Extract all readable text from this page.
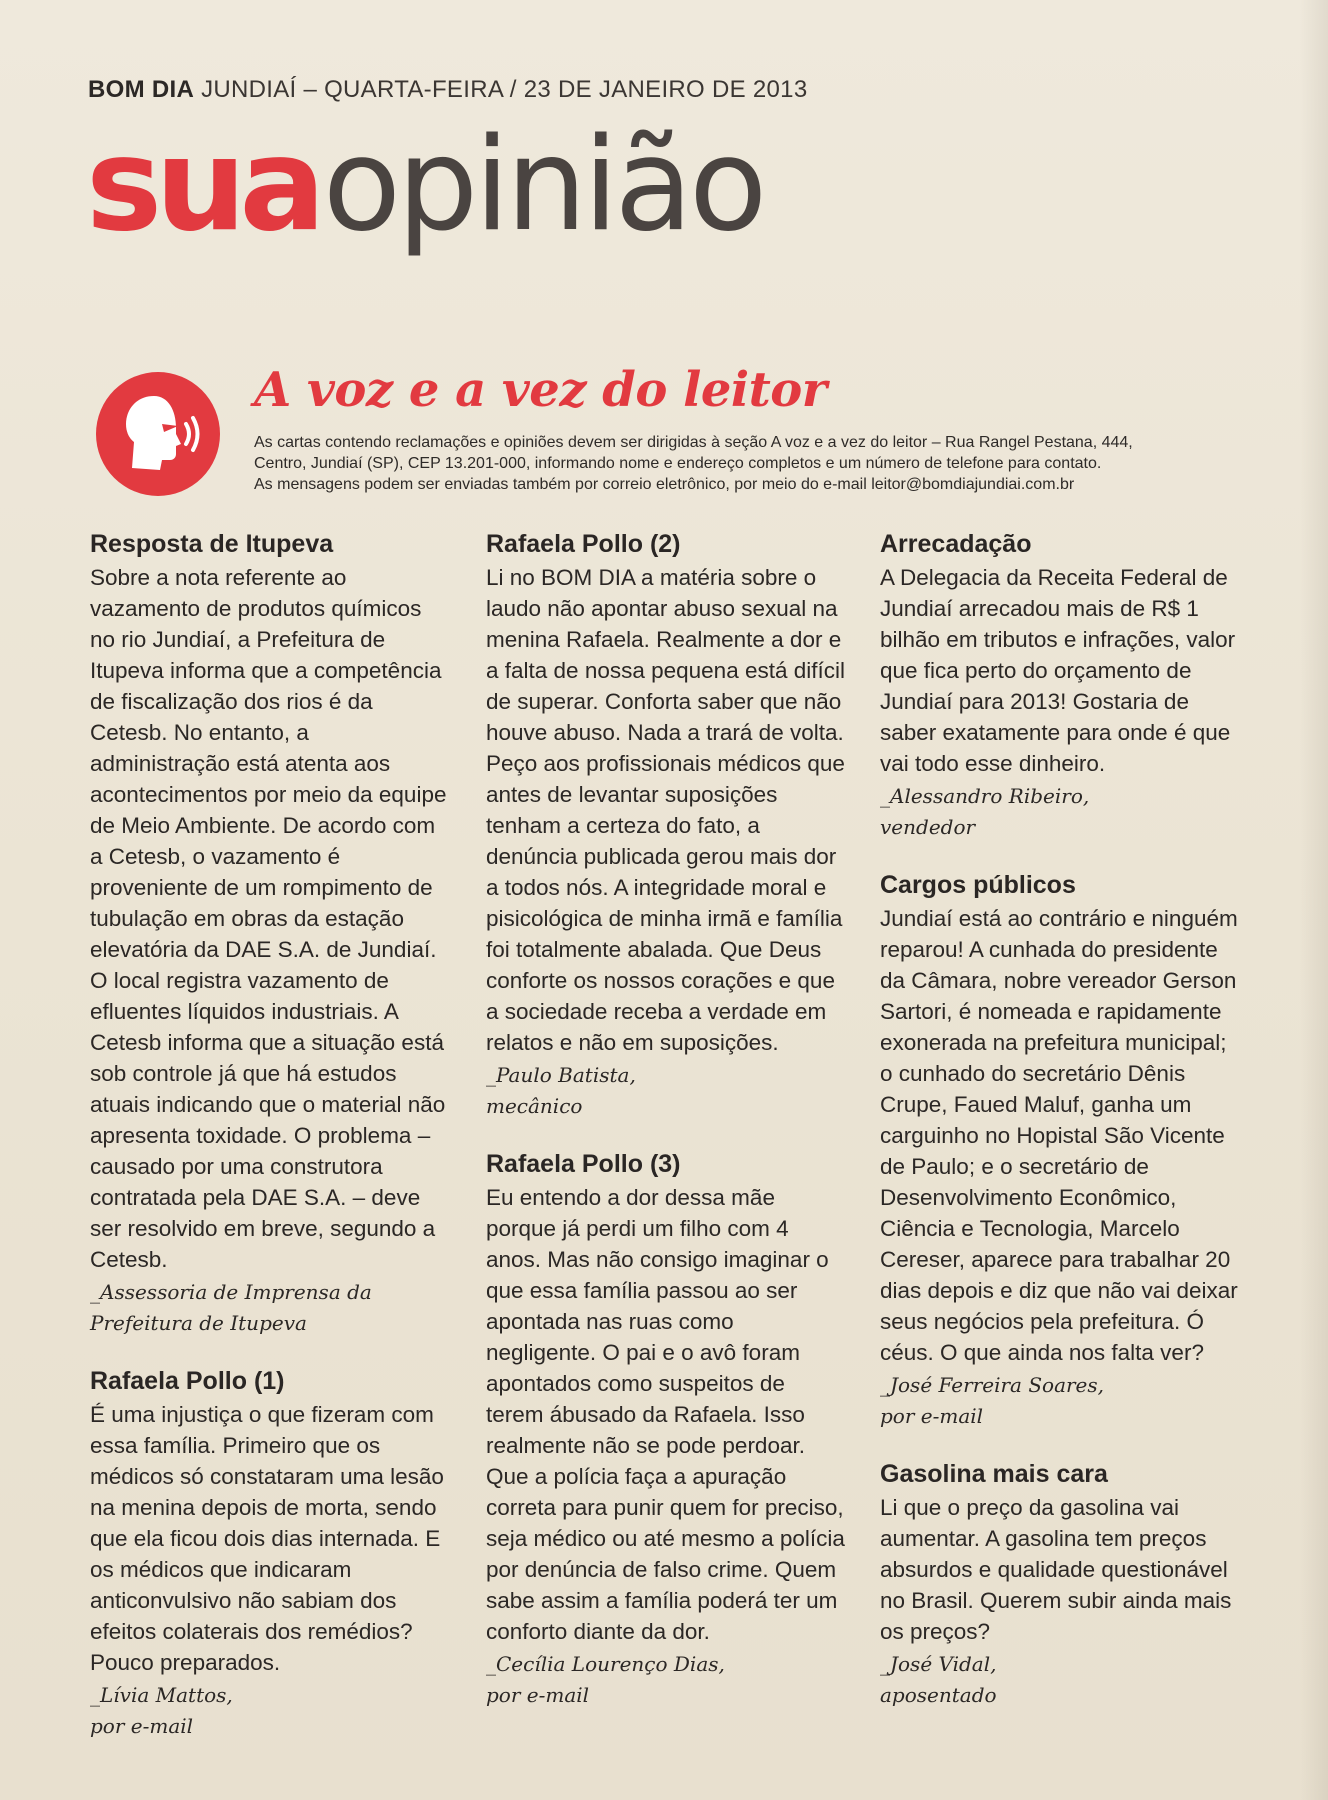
BOM DIA JUNDIAÍ – QUARTA-FEIRA / 23 DE JANEIRO DE 2013
suaopinião
A voz e a vez do leitor

As cartas contendo reclamações e opiniões devem ser dirigidas à seção A voz e a vez do leitor – Rua Rangel Pestana, 444,

Centro, Jundiaí (SP), CEP 13.201-000, informando nome e endereço completos e um número de telefone para contato.

As mensagens podem ser enviadas também por correio eletrônico, por meio do e-mail leitor@bomdiajundiai.com.br

Resposta de Itupeva

Sobre a nota referente ao vazamento de produtos químicos no rio Jundiaí, a Prefeitura de Itupeva informa que a competência de fiscalização dos rios é da Cetesb. No entanto, a administração está atenta aos acontecimentos por meio da equipe de Meio Ambiente. De acordo com a Cetesb, o vazamento é proveniente de um rompimento de tubulação em obras da estação elevatória da DAE S.A. de Jundiaí. O local registra vazamento de efluentes líquidos industriais. A Cetesb informa que a situação está sob controle já que há estudos atuais indicando que o material não apresenta toxidade. O problema – causado por uma construtora contratada pela DAE S.A. – deve ser resolvido em breve, segundo a Cetesb.

_Assessoria de Imprensa da
Prefeitura de Itupeva

Rafaela Pollo (1)

É uma injustiça o que fizeram com essa família. Primeiro que os médicos só constataram uma lesão na menina depois de morta, sendo que ela ficou dois dias internada. E os médicos que indicaram anticonvulsivo não sabiam dos efeitos colaterais dos remédios? Pouco preparados.

_Lívia Mattos,
por e-mail

Rafaela Pollo (2)

Li no BOM DIA a matéria sobre o laudo não apontar abuso sexual na menina Rafaela. Realmente a dor e a falta de nossa pequena está difícil de superar. Conforta saber que não houve abuso. Nada a trará de volta. Peço aos profissionais médicos que antes de levantar suposições tenham a certeza do fato, a denúncia publicada gerou mais dor a todos nós. A integridade moral e pisicológica de minha irmã e família foi totalmente abalada. Que Deus conforte os nossos corações e que a sociedade receba a verdade em relatos e não em suposições.

_Paulo Batista,
mecânico

Rafaela Pollo (3)

Eu entendo a dor dessa mãe porque já perdi um filho com 4 anos. Mas não consigo imaginar o que essa família passou ao ser apontada nas ruas como negligente. O pai e o avô foram apontados como suspeitos de terem ábusado da Rafaela. Isso realmente não se pode perdoar. Que a polícia faça a apuração correta para punir quem for preciso, seja médico ou até mesmo a polícia por denúncia de falso crime. Quem sabe assim a família poderá ter um conforto diante da dor.

_Cecília Lourenço Dias,
por e-mail

Arrecadação

A Delegacia da Receita Federal de Jundiaí arrecadou mais de R$ 1 bilhão em tributos e infrações, valor que fica perto do orçamento de Jundiaí para 2013! Gostaria de saber exatamente para onde é que vai todo esse dinheiro.

_Alessandro Ribeiro,
vendedor

Cargos públicos

Jundiaí está ao contrário e ninguém reparou! A cunhada do presidente da Câmara, nobre vereador Gerson Sartori, é nomeada e rapidamente exonerada na prefeitura municipal; o cunhado do secretário Dênis Crupe, Faued Maluf, ganha um carguinho no Hopistal São Vicente de Paulo; e o secretário de Desenvolvimento Econômico, Ciência e Tecnologia, Marcelo Cereser, aparece para trabalhar 20 dias depois e diz que não vai deixar seus negócios pela prefeitura. Ó céus. O que ainda nos falta ver?

_José Ferreira Soares,
por e-mail

Gasolina mais cara

Li que o preço da gasolina vai aumentar. A gasolina tem preços absurdos e qualidade questionável no Brasil. Querem subir ainda mais os preços?

_José Vidal,
aposentado
